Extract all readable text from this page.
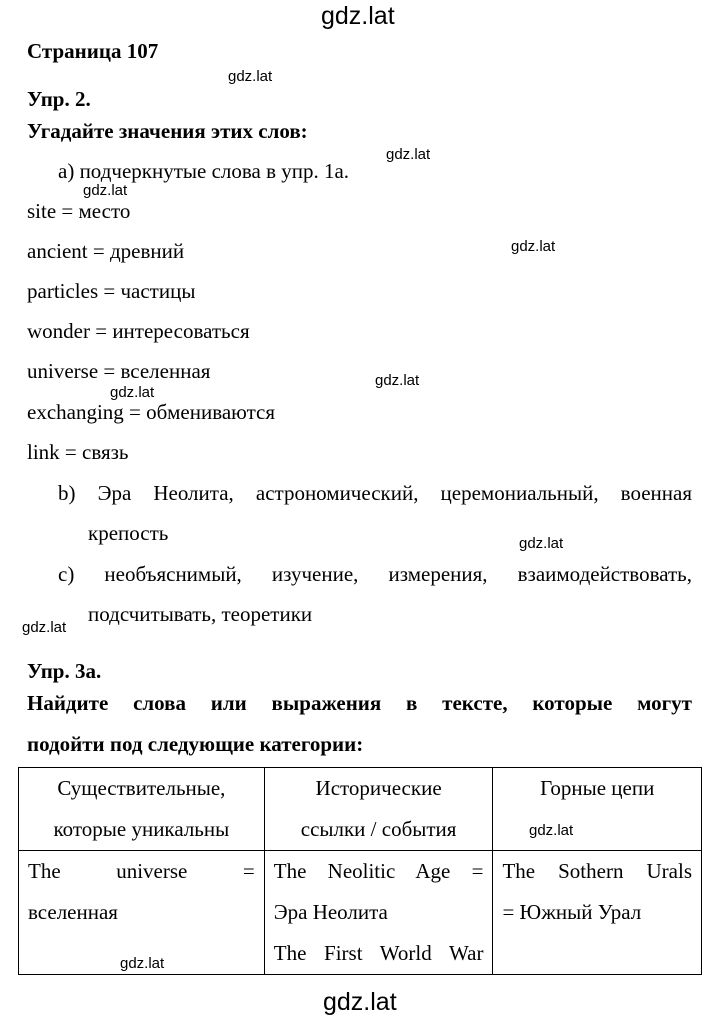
gdz.lat
gdz.lat
gdz.lat
gdz.lat
gdz.lat
gdz.lat
gdz.lat
gdz.lat
gdz.lat
gdz.lat
gdz.lat
gdz.lat
Страница 107
Упр. 2.
Угадайте значения этих слов:
а) подчеркнутые слова в упр. 1а.
site = место
ancient = древний
particles = частицы
wonder = интересоваться
universe = вселенная
exchanging = обмениваются
link = связь
b) Эра Неолита, астрономический, церемониальный, военная
крепость
c) необъяснимый, изучение, измерения, взаимодействовать,
подсчитывать, теоретики
Упр. 3а.
Найдите слова или выражения в тексте, которые могут
подойти под следующие категории:
Существительные,
которые уникальны	Исторические
ссылки / события	Горные цепи

The universe =
вселенная	The Neolitic Age =
Эра Неолита
The First World War	The Sothern Urals
= Южный Урал
